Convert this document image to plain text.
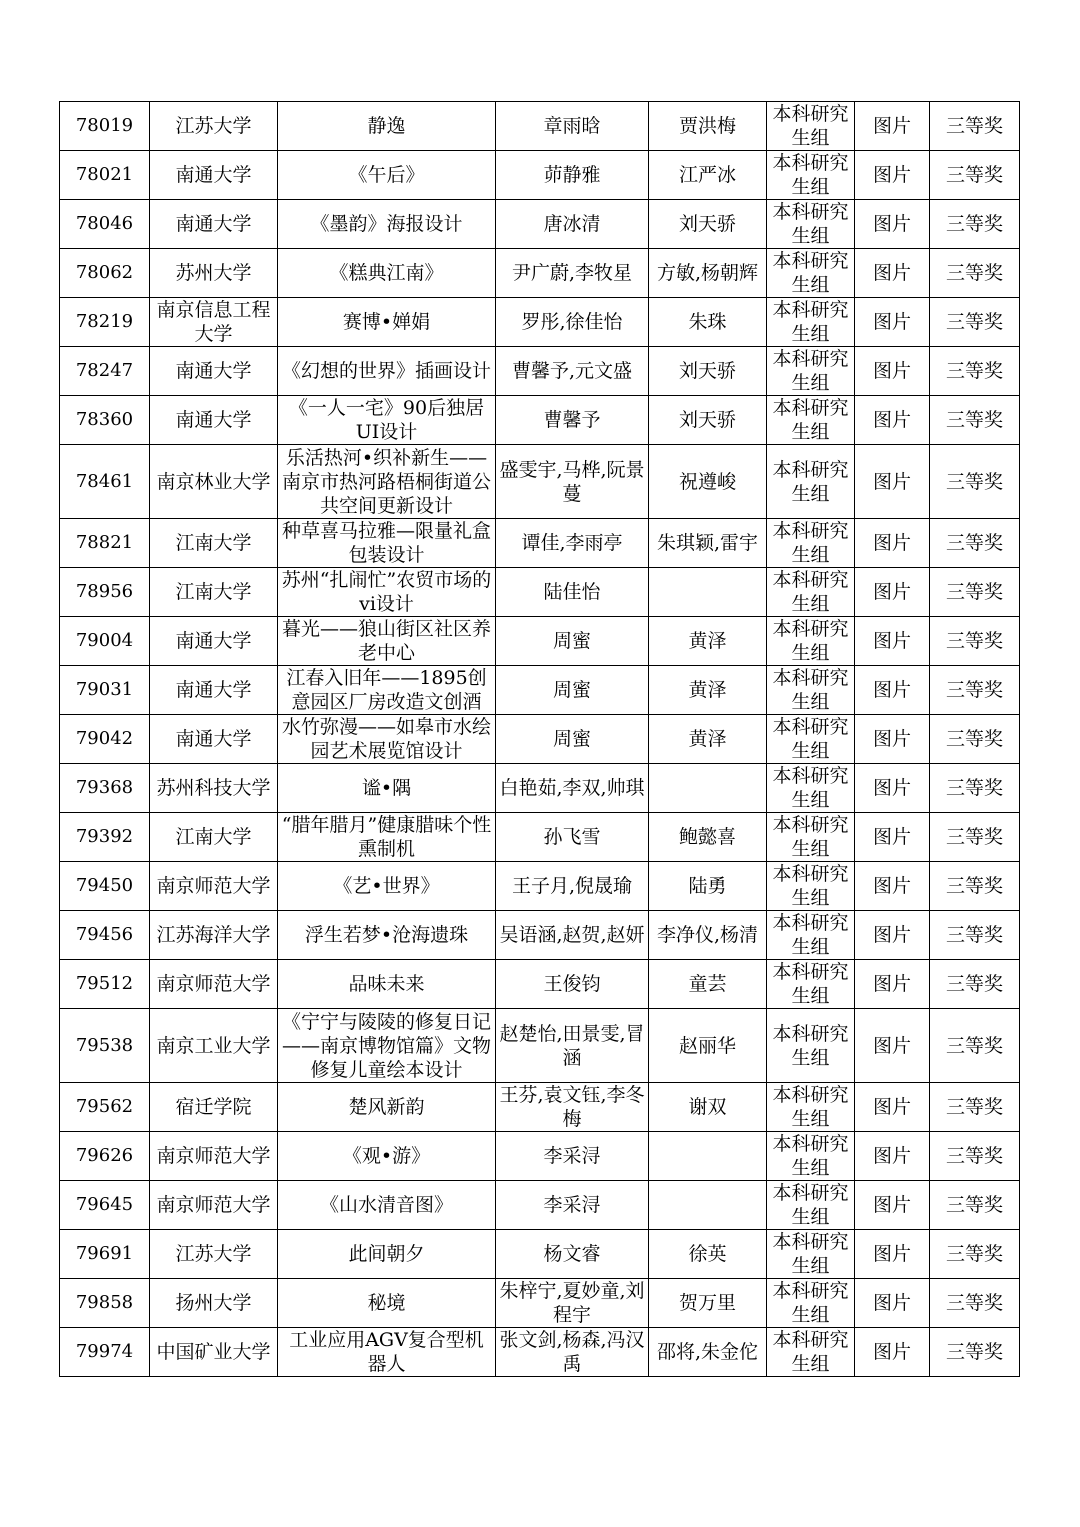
78019	江苏大学	静逸	章雨晗	贾洪梅	本科研究生组	图片	三等奖
78021	南通大学	《午后》	茆静雅	江严冰	本科研究生组	图片	三等奖
78046	南通大学	《墨韵》海报设计	唐冰清	刘天骄	本科研究生组	图片	三等奖
78062	苏州大学	《糕典江南》	尹广蔚,李牧星	方敏,杨朝辉	本科研究生组	图片	三等奖
78219	南京信息工程大学	赛博•婵娟	罗彤,徐佳怡	朱珠	本科研究生组	图片	三等奖
78247	南通大学	《幻想的世界》插画设计	曹馨予,元文盛	刘天骄	本科研究生组	图片	三等奖
78360	南通大学	《一人一宅》90后独居UI设计	曹馨予	刘天骄	本科研究生组	图片	三等奖
78461	南京林业大学	乐活热河•织补新生——南京市热河路梧桐街道公共空间更新设计	盛雯宇,马桦,阮景蔓	祝遵峻	本科研究生组	图片	三等奖
78821	江南大学	种草喜马拉雅—限量礼盒包装设计	谭佳,李雨亭	朱琪颖,雷宇	本科研究生组	图片	三等奖
78956	江南大学	苏州“扎闹忙”农贸市场的vi设计	陆佳怡		本科研究生组	图片	三等奖
79004	南通大学	暮光——狼山街区社区养老中心	周蜜	黄泽	本科研究生组	图片	三等奖
79031	南通大学	江春入旧年——1895创意园区厂房改造文创酒	周蜜	黄泽	本科研究生组	图片	三等奖
79042	南通大学	水竹弥漫——如皋市水绘园艺术展览馆设计	周蜜	黄泽	本科研究生组	图片	三等奖
79368	苏州科技大学	谧•隅	白艳茹,李双,帅琪		本科研究生组	图片	三等奖
79392	江南大学	“腊年腊月”健康腊味个性熏制机	孙飞雪	鲍懿喜	本科研究生组	图片	三等奖
79450	南京师范大学	《艺•世界》	王子月,倪晟瑜	陆勇	本科研究生组	图片	三等奖
79456	江苏海洋大学	浮生若梦•沧海遗珠	吴语涵,赵贺,赵妍	李净仪,杨清	本科研究生组	图片	三等奖
79512	南京师范大学	品味未来	王俊钧	童芸	本科研究生组	图片	三等奖
79538	南京工业大学	《宁宁与陵陵的修复日记——南京博物馆篇》文物修复儿童绘本设计	赵楚怡,田景雯,冒涵	赵丽华	本科研究生组	图片	三等奖
79562	宿迁学院	楚风新韵	王芬,袁文钰,李冬梅	谢双	本科研究生组	图片	三等奖
79626	南京师范大学	《观•游》	李采浔		本科研究生组	图片	三等奖
79645	南京师范大学	《山水清音图》	李采浔		本科研究生组	图片	三等奖
79691	江苏大学	此间朝夕	杨文睿	徐英	本科研究生组	图片	三等奖
79858	扬州大学	秘境	朱梓宁,夏妙童,刘程宇	贺万里	本科研究生组	图片	三等奖
79974	中国矿业大学	工业应用AGV复合型机器人	张文剑,杨森,冯汉禹	邵将,朱金佗	本科研究生组	图片	三等奖
